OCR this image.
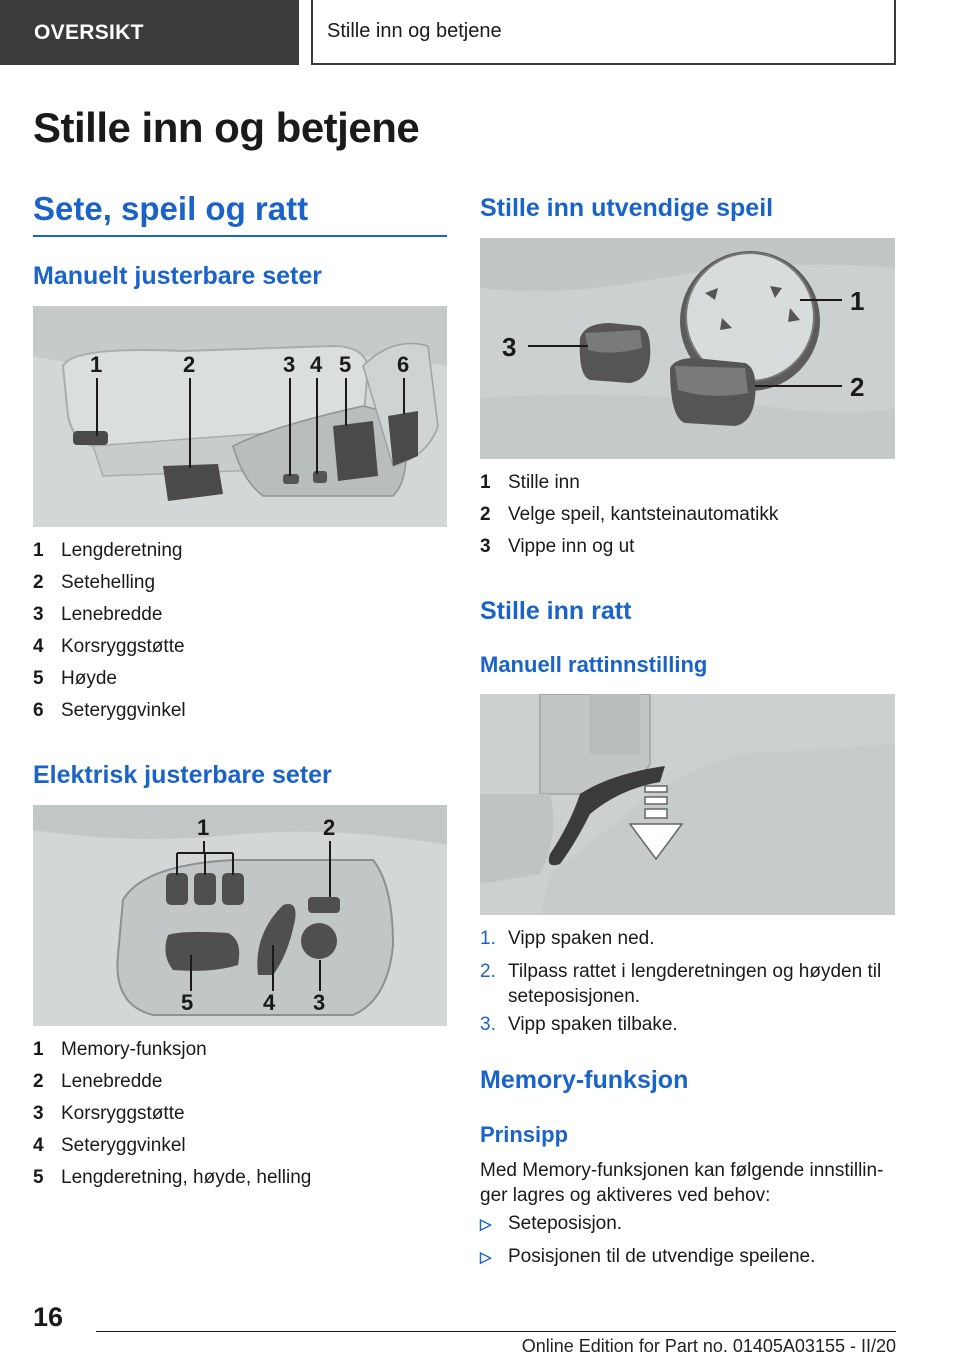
OVERSIKT	Stille inn og betjene
Stille inn og betjene
Sete, speil og ratt
Manuelt justerbare seter
1	2	3 4 5 6
1 Lengderetning
2 Setehelling
3 Lenebredde
4 Korsryggstøtte
5 Høyde
6 Seteryggvinkel
Elektrisk justerbare seter
1	2
3
4
5
1 Memory-funksjon
2 Lenebredde
3 Korsryggstøtte
4 Seteryggvinkel
5 Lengderetning, høyde, helling
Stille inn utvendige speil
1
2
3
1 Stille inn
2 Velge speil, kantsteinautomatikk
3 Vippe inn og ut
Stille inn ratt
Manuell rattinnstilling
1. Vipp spaken ned.
2. Tilpass rattet i lengderetningen og høyden til
seteposisjonen.
3. Vipp spaken tilbake.
Memory-funksjon
Prinsipp
Med Memory-funksjonen kan følgende innstillin-
ger lagres og aktiveres ved behov:
▷ Seteposisjon.
▷ Posisjonen til de utvendige speilene.
16
Online Edition for Part no. 01405A03155 - II/20
